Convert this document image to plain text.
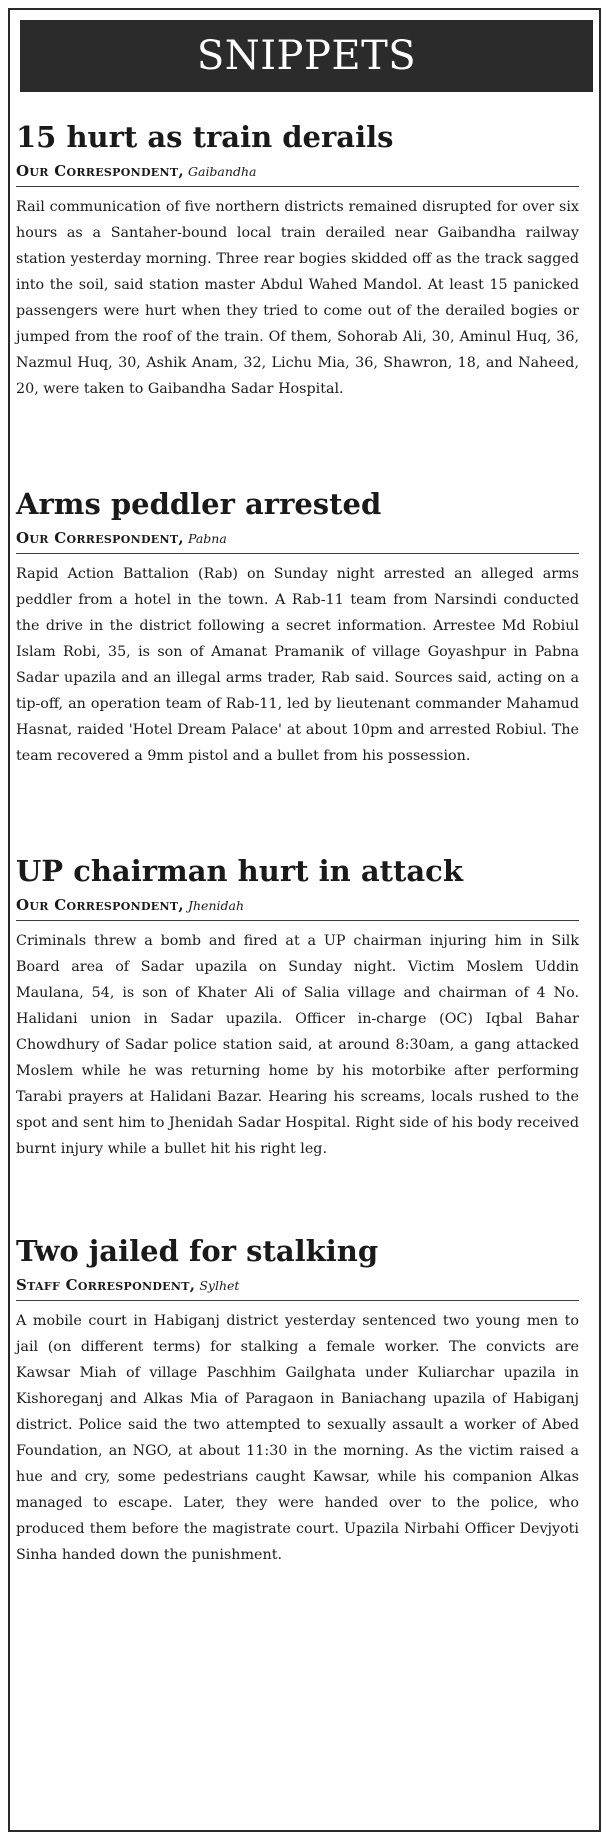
SNIPPETS
15 hurt as train derails
Our Correspondent, Gaibandha

Rail communication of five northern districts remained disrupted for over six hours as a Santaher-bound local train derailed near Gaibandha railway station yesterday morning. Three rear bogies skidded off as the track sagged into the soil, said station master Abdul Wahed Mandol. At least 15 panicked passengers were hurt when they tried to come out of the derailed bogies or jumped from the roof of the train. Of them, Sohorab Ali, 30, Aminul Huq, 36, Nazmul Huq, 30, Ashik Anam, 32, Lichu Mia, 36, Shawron, 18, and Naheed, 20, were taken to Gaibandha Sadar Hospital.

Arms peddler arrested
Our Correspondent, Pabna

Rapid Action Battalion (Rab) on Sunday night arrested an alleged arms peddler from a hotel in the town. A Rab-11 team from Narsindi conducted the drive in the district following a secret information. Arrestee Md Robiul Islam Robi, 35, is son of Amanat Pramanik of village Goyashpur in Pabna Sadar upazila and an illegal arms trader, Rab said. Sources said, acting on a tip-off, an operation team of Rab-11, led by lieutenant commander Mahamud Hasnat, raided 'Hotel Dream Palace' at about 10pm and arrested Robiul. The team recovered a 9mm pistol and a bullet from his possession.

UP chairman hurt in attack
Our Correspondent, Jhenidah

Criminals threw a bomb and fired at a UP chairman injuring him in Silk Board area of Sadar upazila on Sunday night. Victim Moslem Uddin Maulana, 54, is son of Khater Ali of Salia village and chairman of 4 No. Halidani union in Sadar upazila. Officer in-charge (OC) Iqbal Bahar Chowdhury of Sadar police station said, at around 8:30am, a gang attacked Moslem while he was returning home by his motorbike after performing Tarabi prayers at Halidani Bazar. Hearing his screams, locals rushed to the spot and sent him to Jhenidah Sadar Hospital. Right side of his body received burnt injury while a bullet hit his right leg.

Two jailed for stalking
Staff Correspondent, Sylhet

A mobile court in Habiganj district yesterday sentenced two young men to jail (on different terms) for stalking a female worker. The convicts are Kawsar Miah of village Paschhim Gailghata under Kuliarchar upazila in Kishoreganj and Alkas Mia of Paragaon in Baniachang upazila of Habiganj district. Police said the two attempted to sexually assault a worker of Abed Foundation, an NGO, at about 11:30 in the morning. As the victim raised a hue and cry, some pedestrians caught Kawsar, while his companion Alkas managed to escape. Later, they were handed over to the police, who produced them before the magistrate court. Upazila Nirbahi Officer Devjyoti Sinha handed down the punishment.
